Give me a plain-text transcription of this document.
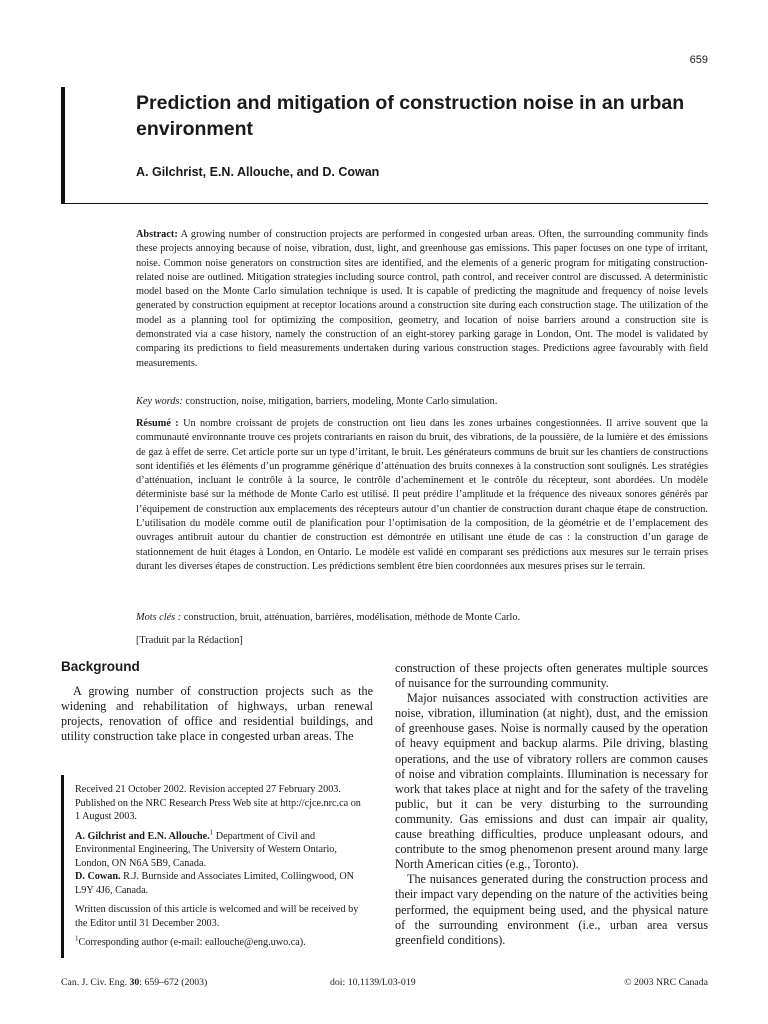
659
Prediction and mitigation of construction noise in an urban environment
A. Gilchrist, E.N. Allouche, and D. Cowan

Abstract: A growing number of construction projects are performed in congested urban areas. Often, the surrounding community finds these projects annoying because of noise, vibration, dust, light, and greenhouse gas emissions. This paper focuses on one type of irritant, noise. Common noise generators on construction sites are identified, and the elements of a generic program for mitigating construction-related noise are outlined. Mitigation strategies including source control, path control, and receiver control are discussed. A deterministic model based on the Monte Carlo simulation technique is used. It is capable of predicting the magnitude and frequency of noise levels generated by construction equipment at receptor locations around a construction site during each construction stage. The utilization of the model as a planning tool for optimizing the composition, geometry, and location of noise barriers around a construction site is demonstrated via a case history, namely the construction of an eight-storey parking garage in London, Ont. The model is validated by comparing its predictions to field measurements undertaken during various construction stages. Predictions agree favourably with field measurements.

Key words: construction, noise, mitigation, barriers, modeling, Monte Carlo simulation.

Résumé : Un nombre croissant de projets de construction ont lieu dans les zones urbaines congestionnées. Il arrive souvent que la communauté environnante trouve ces projets contrariants en raison du bruit, des vibrations, de la poussière, de la lumière et des émissions de gaz à effet de serre. Cet article porte sur un type d’irritant, le bruit. Les générateurs communs de bruit sur les chantiers de constructions sont identifiés et les éléments d’un programme générique d’atténuation des bruits connexes à la construction sont soulignés. Les stratégies d’atténuation, incluant le contrôle à la source, le contrôle d’acheminement et le contrôle du récepteur, sont abordées. Un modèle déterministe basé sur la méthode de Monte Carlo est utilisé. Il peut prédire l’amplitude et la fréquence des niveaux sonores générés par l’équipement de construction aux emplacements des récepteurs autour d’un chantier de construction durant chaque étape de construction. L’utilisation du modèle comme outil de planification pour l’optimisation de la composition, de la géométrie et de l’emplacement des ouvrages antibruit autour du chantier de construction est démontrée en utilisant une étude de cas : la construction d’un garage de stationnement de huit étages à London, en Ontario. Le modèle est validé en comparant ses prédictions aux mesures sur le terrain prises durant les diverses étapes de construction. Les prédictions semblent être bien coordonnées aux mesures prises sur le terrain.

Mots clés : construction, bruit, atténuation, barrières, modélisation, méthode de Monte Carlo.

[Traduit par la Rédaction]

Background

A growing number of construction projects such as the widening and rehabilitation of highways, urban renewal projects, renovation of office and residential buildings, and utility construction take place in congested urban areas. The

Received 21 October 2002. Revision accepted 27 February 2003. Published on the NRC Research Press Web site at http://cjce.nrc.ca on 1 August 2003.

A. Gilchrist and E.N. Allouche.$^1$ Department of Civil and Environmental Engineering, The University of Western Ontario, London, ON N6A 5B9, Canada.

D. Cowan. R.J. Burnside and Associates Limited, Collingwood, ON L9Y 4J6, Canada.

Written discussion of this article is welcomed and will be received by the Editor until 31 December 2003.

$^1$Corresponding author (e-mail: eallouche@eng.uwo.ca).

construction of these projects often generates multiple sources of nuisance for the surrounding community.

Major nuisances associated with construction activities are noise, vibration, illumination (at night), dust, and the emission of greenhouse gases. Noise is normally caused by the operation of heavy equipment and backup alarms. Pile driving, blasting operations, and the use of vibratory rollers are common causes of noise and vibration complaints. Illumination is necessary for work that takes place at night and for the safety of the traveling public, but it can be very disturbing to the surrounding community. Gas emissions and dust can impair air quality, cause breathing difficulties, produce unpleasant odours, and contribute to the smog phenomenon present around many large North American cities (e.g., Toronto).

The nuisances generated during the construction process and their impact vary depending on the nature of the activities being performed, the equipment being used, and the physical nature of the surrounding environment (i.e., urban area versus greenfield conditions).

Can. J. Civ. Eng. 30: 659–672 (2003)	doi: 10.1139/L03-019	© 2003 NRC Canada
